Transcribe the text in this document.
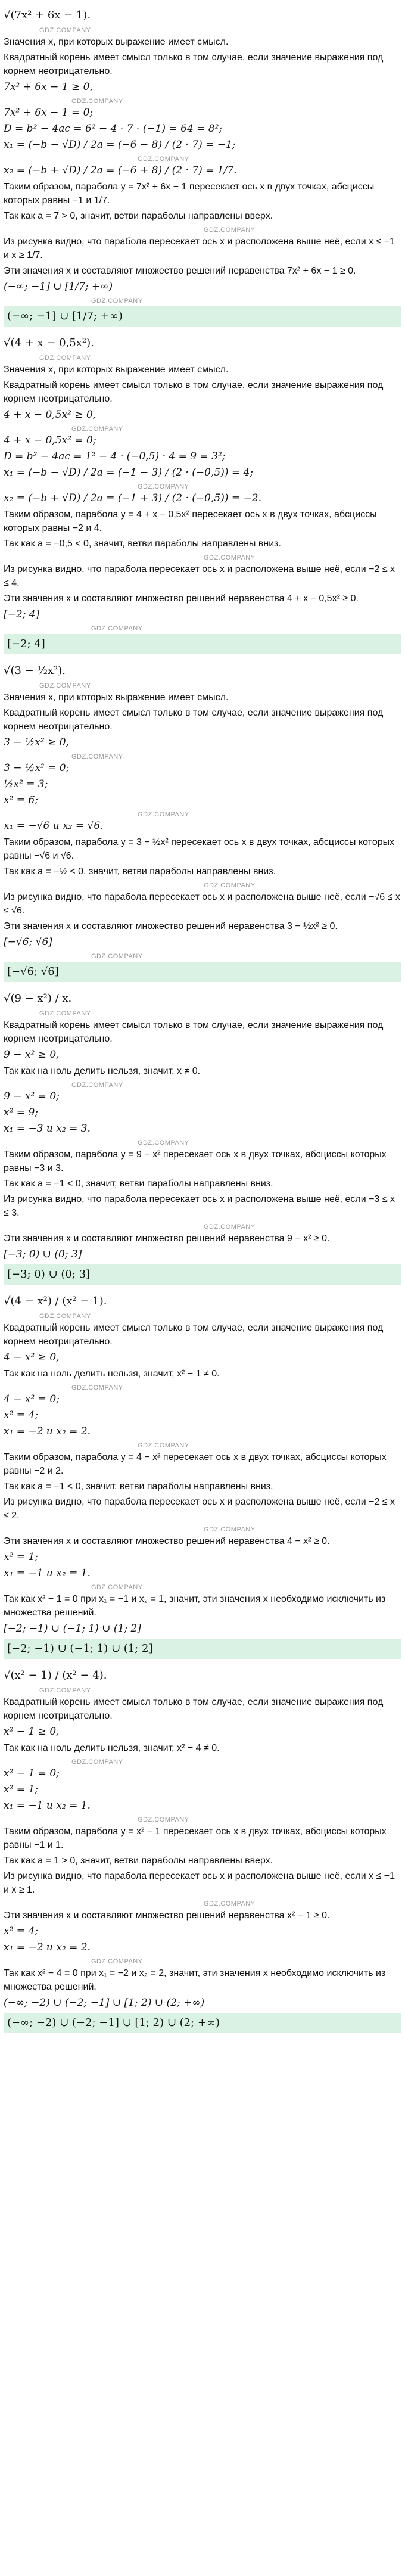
√(7x² + 6x − 1).
GDZ.COMPANY
Значения x, при которых выражение имеет смысл.
Квадратный корень имеет смысл только в том случае, если значение выражения под корнем неотрицательно.
7x² + 6x − 1 ≥ 0,
GDZ.COMPANY
7x² + 6x − 1 = 0;
D = b² − 4ac = 6² − 4 · 7 · (−1) = 64 = 8²;
x₁ = (−b − √D) / 2a = (−6 − 8) / (2 · 7) = −1;
GDZ.COMPANY
x₂ = (−b + √D) / 2a = (−6 + 8) / (2 · 7) = 1/7.
Таким образом, парабола y = 7x² + 6x − 1 пересекает ось x в двух точках, абсциссы которых равны −1 и 1/7.
Так как a = 7 > 0, значит, ветви параболы направлены вверх.
GDZ.COMPANY
Из рисунка видно, что парабола пересекает ось x и расположена выше неё, если x ≤ −1 и x ≥ 1/7.
Эти значения x и составляют множество решений неравенства 7x² + 6x − 1 ≥ 0.
(−∞; −1] ∪ [1/7; +∞)
GDZ.COMPANY
(−∞; −1] ∪ [1/7; +∞)
√(4 + x − 0,5x²).
GDZ.COMPANY
Значения x, при которых выражение имеет смысл.
Квадратный корень имеет смысл только в том случае, если значение выражения под корнем неотрицательно.
4 + x − 0,5x² ≥ 0,
GDZ.COMPANY
4 + x − 0,5x² = 0;
D = b² − 4ac = 1² − 4 · (−0,5) · 4 = 9 = 3²;
x₁ = (−b − √D) / 2a = (−1 − 3) / (2 · (−0,5)) = 4;
GDZ.COMPANY
x₂ = (−b + √D) / 2a = (−1 + 3) / (2 · (−0,5)) = −2.
Таким образом, парабола y = 4 + x − 0,5x² пересекает ось x в двух точках, абсциссы которых равны −2 и 4.
Так как a = −0,5 < 0, значит, ветви параболы направлены вниз.
GDZ.COMPANY
Из рисунка видно, что парабола пересекает ось x и расположена выше неё, если −2 ≤ x ≤ 4.
Эти значения x и составляют множество решений неравенства 4 + x − 0,5x² ≥ 0.
[−2; 4]
GDZ.COMPANY
[−2; 4]
√(3 − ½x²).
GDZ.COMPANY
Значения x, при которых выражение имеет смысл.
Квадратный корень имеет смысл только в том случае, если значение выражения под корнем неотрицательно.
3 − ½x² ≥ 0,
GDZ.COMPANY
3 − ½x² = 0;
½x² = 3;
x² = 6;
GDZ.COMPANY
x₁ = −√6 и x₂ = √6.
Таким образом, парабола y = 3 − ½x² пересекает ось x в двух точках, абсциссы которых равны −√6 и √6.
Так как a = −½ < 0, значит, ветви параболы направлены вниз.
GDZ.COMPANY
Из рисунка видно, что парабола пересекает ось x и расположена выше неё, если −√6 ≤ x ≤ √6.
Эти значения x и составляют множество решений неравенства 3 − ½x² ≥ 0.
[−√6; √6]
GDZ.COMPANY
[−√6; √6]
√(9 − x²) / x.
GDZ.COMPANY
Квадратный корень имеет смысл только в том случае, если значение выражения под корнем неотрицательно.
9 − x² ≥ 0,
Так как на ноль делить нельзя, значит, x ≠ 0.
GDZ.COMPANY
9 − x² = 0;
x² = 9;
x₁ = −3 и x₂ = 3.
GDZ.COMPANY
Таким образом, парабола y = 9 − x² пересекает ось x в двух точках, абсциссы которых равны −3 и 3.
Так как a = −1 < 0, значит, ветви параболы направлены вниз.
Из рисунка видно, что парабола пересекает ось x и расположена выше неё, если −3 ≤ x ≤ 3.
GDZ.COMPANY
Эти значения x и составляют множество решений неравенства 9 − x² ≥ 0.
[−3; 0) ∪ (0; 3]
[−3; 0) ∪ (0; 3]
√(4 − x²) / (x² − 1).
GDZ.COMPANY
Квадратный корень имеет смысл только в том случае, если значение выражения под корнем неотрицательно.
4 − x² ≥ 0,
Так как на ноль делить нельзя, значит, x² − 1 ≠ 0.
GDZ.COMPANY
4 − x² = 0;
x² = 4;
x₁ = −2 и x₂ = 2.
GDZ.COMPANY
Таким образом, парабола y = 4 − x² пересекает ось x в двух точках, абсциссы которых равны −2 и 2.
Так как a = −1 < 0, значит, ветви параболы направлены вниз.
Из рисунка видно, что парабола пересекает ось x и расположена выше неё, если −2 ≤ x ≤ 2.
GDZ.COMPANY
Эти значения x и составляют множество решений неравенства 4 − x² ≥ 0.
x² = 1;
x₁ = −1 и x₂ = 1.
GDZ.COMPANY
Так как x² − 1 = 0 при x₁ = −1 и x₂ = 1, значит, эти значения x необходимо исключить из множества решений.
[−2; −1) ∪ (−1; 1) ∪ (1; 2]
[−2; −1) ∪ (−1; 1) ∪ (1; 2]
√(x² − 1) / (x² − 4).
GDZ.COMPANY
Квадратный корень имеет смысл только в том случае, если значение выражения под корнем неотрицательно.
x² − 1 ≥ 0,
Так как на ноль делить нельзя, значит, x² − 4 ≠ 0.
GDZ.COMPANY
x² − 1 = 0;
x² = 1;
x₁ = −1 и x₂ = 1.
GDZ.COMPANY
Таким образом, парабола y = x² − 1 пересекает ось x в двух точках, абсциссы которых равны −1 и 1.
Так как a = 1 > 0, значит, ветви параболы направлены вверх.
Из рисунка видно, что парабола пересекает ось x и расположена выше неё, если x ≤ −1 и x ≥ 1.
GDZ.COMPANY
Эти значения x и составляют множество решений неравенства x² − 1 ≥ 0.
x² = 4;
x₁ = −2 и x₂ = 2.
GDZ.COMPANY
Так как x² − 4 = 0 при x₁ = −2 и x₂ = 2, значит, эти значения x необходимо исключить из множества решений.
(−∞; −2) ∪ (−2; −1] ∪ [1; 2) ∪ (2; +∞)
(−∞; −2) ∪ (−2; −1] ∪ [1; 2) ∪ (2; +∞)
